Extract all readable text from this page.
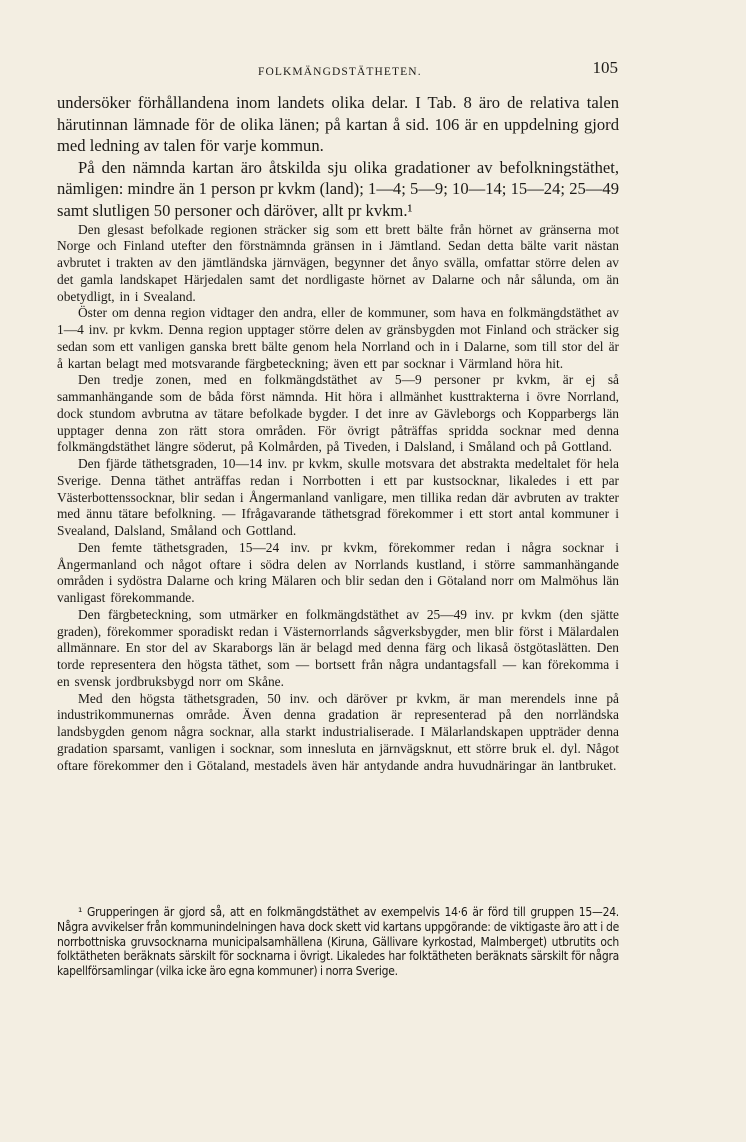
FOLKMÄNGDSTÄTHETEN.	105

undersöker förhållandena inom landets olika delar. I Tab. 8 äro de relativa talen härutinnan lämnade för de olika länen; på kartan å sid. 106 är en uppdelning gjord med ledning av talen för varje kommun.

På den nämnda kartan äro åtskilda sju olika gradationer av befolkningstäthet, nämligen: mindre än 1 person pr kvkm (land); 1—4; 5—9; 10—14; 15—24; 25—49 samt slutligen 50 personer och däröver, allt pr kvkm.¹

Den glesast befolkade regionen sträcker sig som ett brett bälte från hörnet av gränserna mot Norge och Finland utefter den förstnämnda gränsen in i Jämtland. Sedan detta bälte varit nästan avbrutet i trakten av den jämtländska järnvägen, begynner det ånyo svälla, omfattar större delen av det gamla landskapet Härjedalen samt det nordligaste hörnet av Dalarne och når sålunda, om än obetydligt, in i Svealand.

Öster om denna region vidtager den andra, eller de kommuner, som hava en folkmängdstäthet av 1—4 inv. pr kvkm. Denna region upptager större delen av gränsbygden mot Finland och sträcker sig sedan som ett vanligen ganska brett bälte genom hela Norrland och in i Dalarne, som till stor del är å kartan belagt med motsvarande färgbeteckning; även ett par socknar i Värmland höra hit.

Den tredje zonen, med en folkmängdstäthet av 5—9 personer pr kvkm, är ej så sammanhängande som de båda först nämnda. Hit höra i allmänhet kusttrakterna i övre Norrland, dock stundom avbrutna av tätare befolkade bygder. I det inre av Gävleborgs och Kopparbergs län upptager denna zon rätt stora områden. För övrigt påträffas spridda socknar med denna folkmängdstäthet längre söderut, på Kolmården, på Tiveden, i Dalsland, i Småland och på Gottland.

Den fjärde täthetsgraden, 10—14 inv. pr kvkm, skulle motsvara det abstrakta medeltalet för hela Sverige. Denna täthet anträffas redan i Norrbotten i ett par kustsocknar, likaledes i ett par Västerbottenssocknar, blir sedan i Ångermanland vanligare, men tillika redan där avbruten av trakter med ännu tätare befolkning. — Ifrågavarande täthetsgrad förekommer i ett stort antal kommuner i Svealand, Dalsland, Småland och Gottland.

Den femte täthetsgraden, 15—24 inv. pr kvkm, förekommer redan i några socknar i Ångermanland och något oftare i södra delen av Norrlands kustland, i större sammanhängande områden i sydöstra Dalarne och kring Mälaren och blir sedan den i Götaland norr om Malmöhus län vanligast förekommande.

Den färgbeteckning, som utmärker en folkmängdstäthet av 25—49 inv. pr kvkm (den sjätte graden), förekommer sporadiskt redan i Västernorrlands sågverksbygder, men blir först i Mälardalen allmännare. En stor del av Skaraborgs län är belagd med denna färg och likaså östgötaslätten. Den torde representera den högsta täthet, som — bortsett från några undantagsfall — kan förekomma i en svensk jordbruksbygd norr om Skåne.

Med den högsta täthetsgraden, 50 inv. och däröver pr kvkm, är man merendels inne på industrikommunernas område. Även denna gradation är representerad på den norrländska landsbygden genom några socknar, alla starkt industrialiserade. I Mälarlandskapen uppträder denna gradation sparsamt, vanligen i socknar, som innesluta en järnvägsknut, ett större bruk el. dyl. Något oftare förekommer den i Götaland, mestadels även här antydande andra huvudnäringar än lantbruket.

¹ Grupperingen är gjord så, att en folkmängdstäthet av exempelvis 14·6 är förd till gruppen 15—24. Några avvikelser från kommunindelningen hava dock skett vid kartans uppgörande: de viktigaste äro att i de norrbottniska gruvsocknarna municipalsamhällena (Kiruna, Gällivare kyrkostad, Malmberget) utbrutits och folktätheten beräknats särskilt för socknarna i övrigt. Likaledes har folktätheten beräknats särskilt för några kapellförsamlingar (vilka icke äro egna kommuner) i norra Sverige.
